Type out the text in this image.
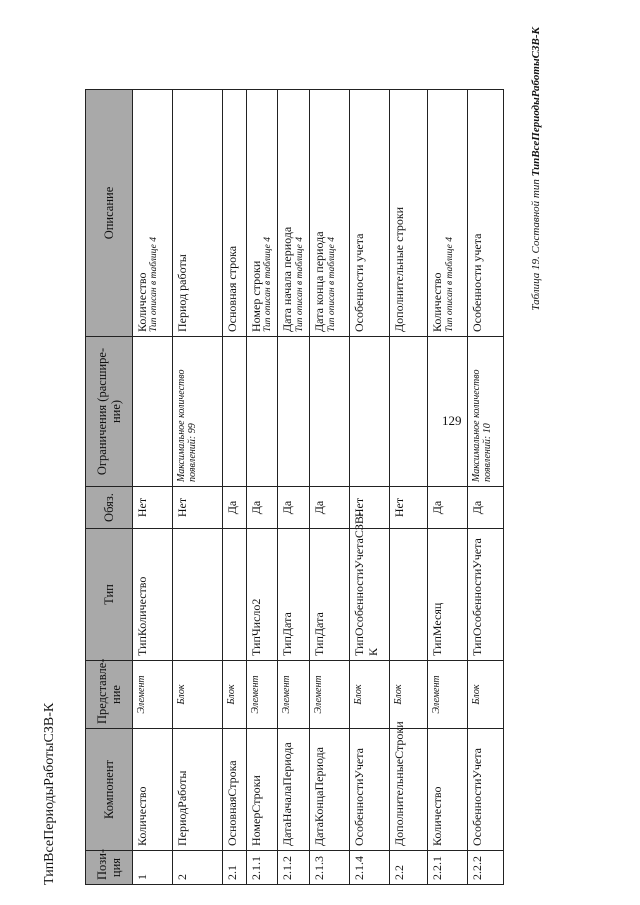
129
ТипВсеПериодыРаботыСЗВ-К
Таблица 19. Составной тип ТипВсеПериодыРаботыСЗВ-К
Пози-ция	Компонент	Представле-ние	Тип	Обяз.	Ограничения (расшире-ние)	Описание
1	Количество	Элемент	ТипКоличество	Нет		Количество Тип описан в таблице 4

2	ПериодРаботы	Блок		Нет	Максимальное количество появлений: 99	Период работы

2.1	ОсновнаяСтрока	Блок		Да		Основная строка

2.1.1	НомерСтроки	Элемент	ТипЧисло2	Да		Номер строки Тип описан в таблице 4

2.1.2	ДатаНачалаПериода	Элемент	ТипДата	Да		Дата начала периода Тип описан в таблице 4

2.1.3	ДатаКонцаПериода	Элемент	ТипДата	Да		Дата конца периода Тип описан в таблице 4

2.1.4	ОсобенностиУчета	Блок	ТипОсобенностиУчетаСЗВ-К	Нет		Особенности учета

2.2	ДополнительныеСтроки	Блок		Нет		Дополнительные строки

2.2.1	Количество	Элемент	ТипМесяц	Да		Количество Тип описан в таблице 4

2.2.2	ОсобенностиУчета	Блок	ТипОсобенностиУчета	Да	Максимальное количество появлений: 10	Особенности учета
